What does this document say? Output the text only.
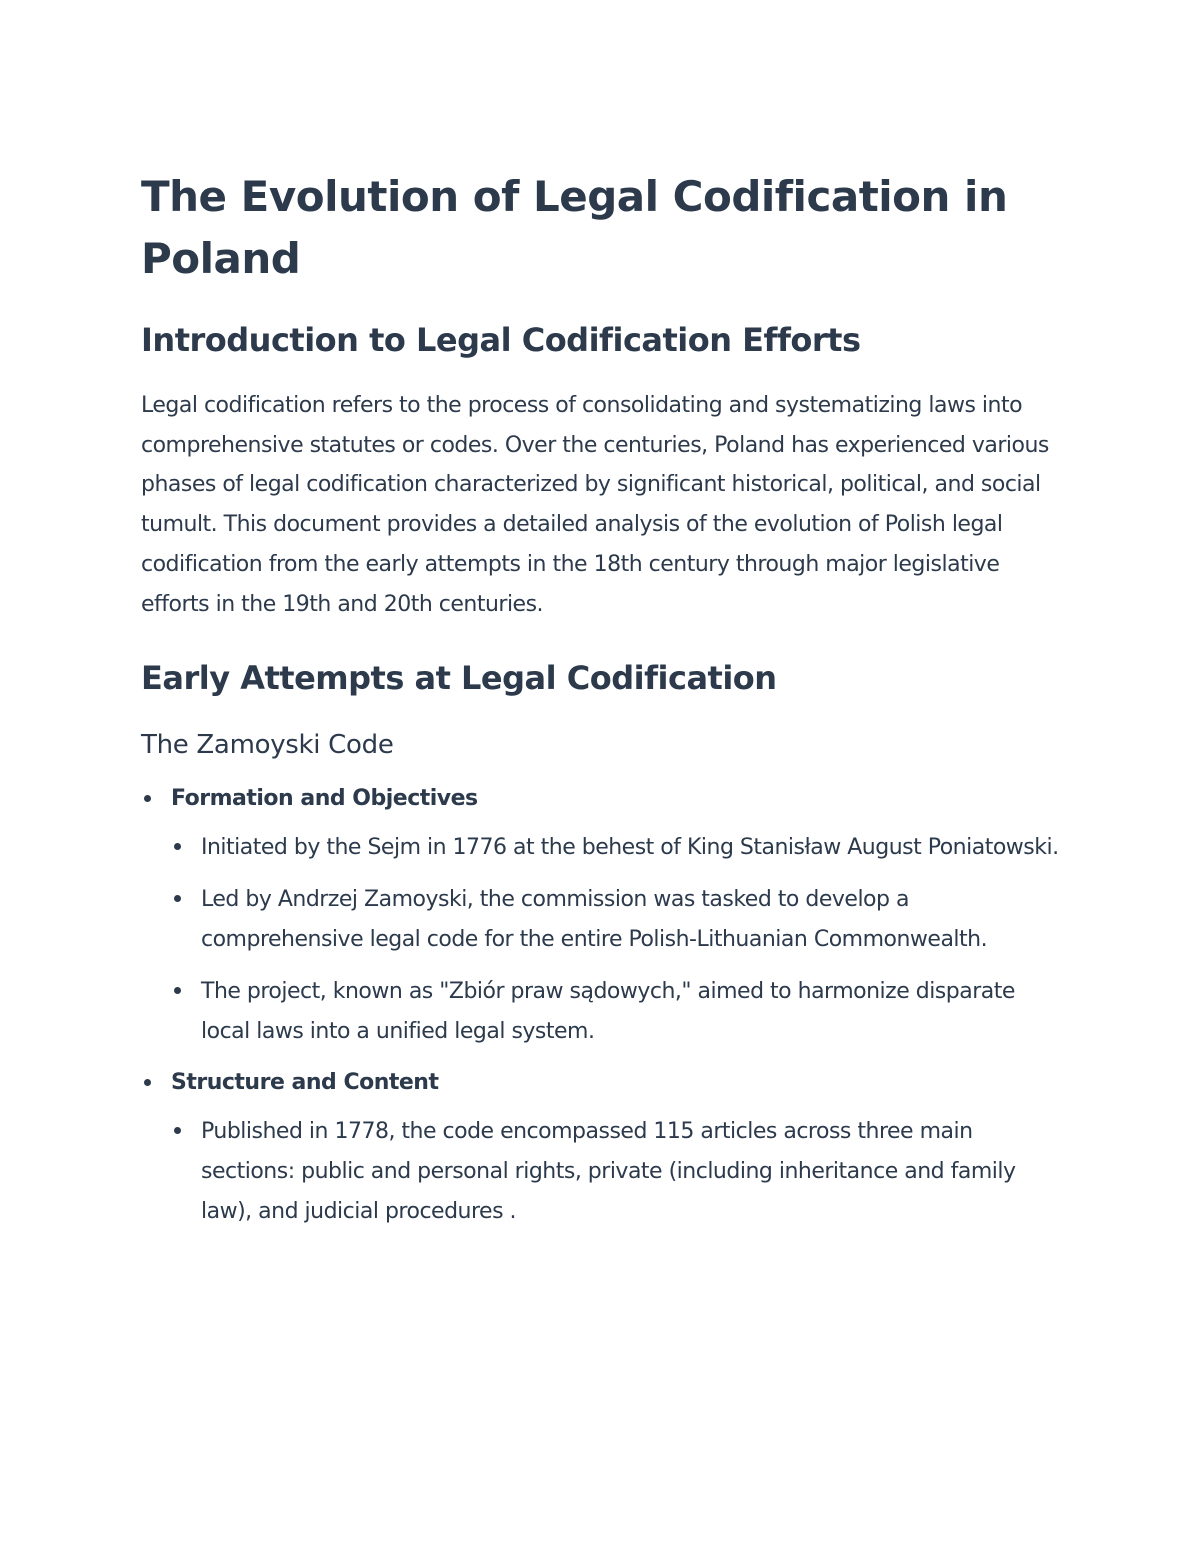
The Evolution of Legal Codification in Poland
Introduction to Legal Codification Efforts

Legal codification refers to the process of consolidating and systematizing laws into comprehensive statutes or codes. Over the centuries, Poland has experienced various phases of legal codification characterized by significant historical, political, and social tumult. This document provides a detailed analysis of the evolution of Polish legal codification from the early attempts in the 18th century through major legislative efforts in the 19th and 20th centuries.

Early Attempts at Legal Codification
The Zamoyski Code
Formation and Objectives
Initiated by the Sejm in 1776 at the behest of King Stanisław August Poniatowski.
Led by Andrzej Zamoyski, the commission was tasked to develop a comprehensive legal code for the entire Polish-Lithuanian Commonwealth.
The project, known as "Zbiór praw sądowych," aimed to harmonize disparate local laws into a unified legal system.
Structure and Content
Published in 1778, the code encompassed 115 articles across three main sections: public and personal rights, private (including inheritance and family law), and judicial procedures .
